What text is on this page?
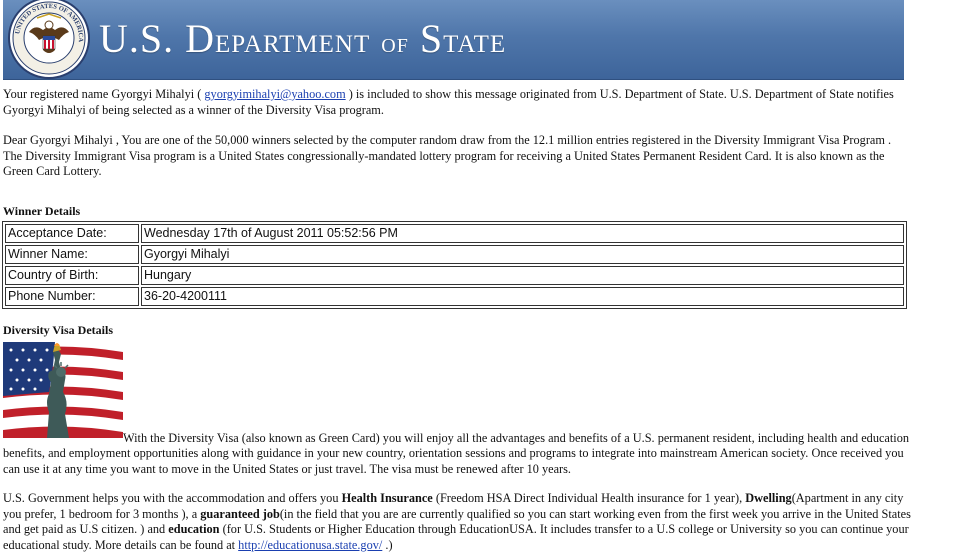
UNITED STATES OF AMERICA U.S. DEPARTMENT OF STATE

Your registered name Gyorgyi Mihalyi ( gyorgyimihalyi@yahoo.com ) is included to show this message originated from U.S. Department of State. U.S. Department of State notifies Gyorgyi Mihalyi of being selected as a winner of the Diversity Visa program.

Dear Gyorgyi Mihalyi , You are one of the 50,000 winners selected by the computer random draw from the 12.1 million entries registered in the Diversity Immigrant Visa Program . The Diversity Immigrant Visa program is a United States congressionally-mandated lottery program for receiving a United States Permanent Resident Card. It is also known as the Green Card Lottery.

Winner Details
Acceptance Date:	Wednesday 17th of August 2011 05:52:56 PM
Winner Name:	Gyorgyi Mihalyi
Country of Birth:	Hungary
Phone Number:	36-20-4200111
Diversity Visa Details

With the Diversity Visa (also known as Green Card) you will enjoy all the advantages and benefits of a U.S. permanent resident, including health and education benefits, and employment opportunities along with guidance in your new country, orientation sessions and programs to integrate into mainstream American society. Once received you can use it at any time you want to move in the United States or just travel. The visa must be renewed after 10 years.

U.S. Government helps you with the accommodation and offers you Health Insurance (Freedom HSA Direct Individual Health insurance for 1 year), Dwelling(Apartment in any city you prefer, 1 bedroom for 3 months ), a guaranteed job(in the field that you are are currently qualified so you can start working even from the first week you arrive in the United States and get paid as U.S citizen. ) and education (for U.S. Students or Higher Education through EducationUSA. It includes transfer to a U.S college or University so you can continue your educational study. More details can be found at http://educationusa.state.gov/ .)
